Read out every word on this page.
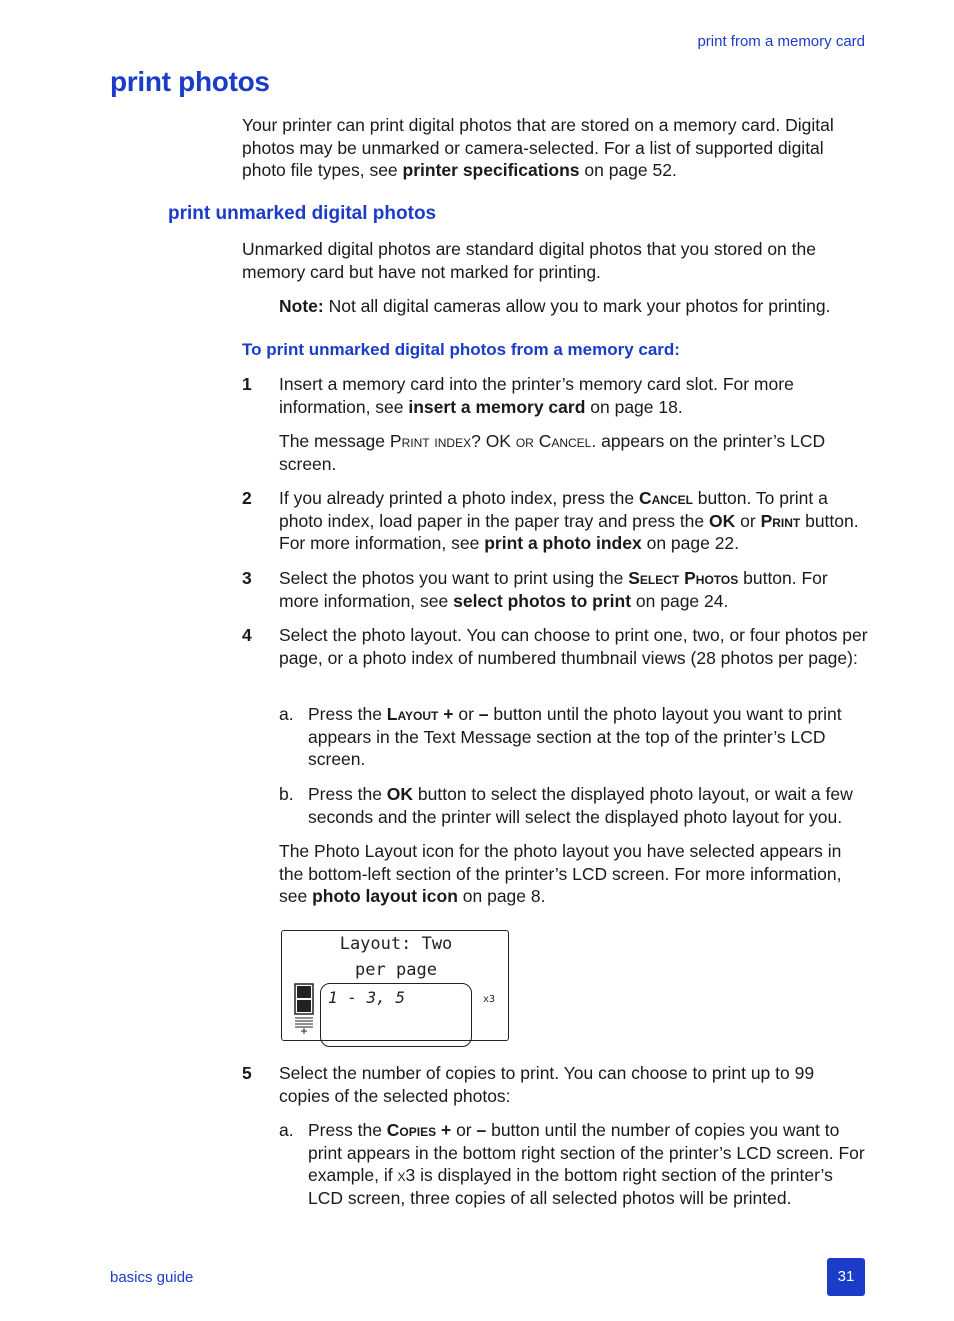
print from a memory card
print photos
Your printer can print digital photos that are stored on a memory card. Digital photos may be unmarked or camera-selected. For a list of supported digital photo file types, see printer specifications on page 52.
print unmarked digital photos
Unmarked digital photos are standard digital photos that you stored on the memory card but have not marked for printing.
Note: Not all digital cameras allow you to mark your photos for printing.
To print unmarked digital photos from a memory card:
1	Insert a memory card into the printer’s memory card slot. For more information, see insert a memory card on page 18.
The message Print index? OK or Cancel. appears on the printer’s LCD screen.
2	If you already printed a photo index, press the Cancel button. To print a photo index, load paper in the paper tray and press the OK or Print button. For more information, see print a photo index on page 22.
3	Select the photos you want to print using the Select Photos button. For more information, see select photos to print on page 24.
4	Select the photo layout. You can choose to print one, two, or four photos per page, or a photo index of numbered thumbnail views (28 photos per page):
a. Press the Layout + or – button until the photo layout you want to print appears in the Text Message section at the top of the printer’s LCD screen.
b. Press the OK button to select the displayed photo layout, or wait a few seconds and the printer will select the displayed photo layout for you.
The Photo Layout icon for the photo layout you have selected appears in the bottom-left section of the printer’s LCD screen. For more information, see photo layout icon on page 8.
Layout: Two
per page
1 - 3, 5	x3
5	Select the number of copies to print. You can choose to print up to 99 copies of the selected photos:
a. Press the Copies + or – button until the number of copies you want to print appears in the bottom right section of the printer’s LCD screen. For example, if x3 is displayed in the bottom right section of the printer’s LCD screen, three copies of all selected photos will be printed.
basics guide	31
